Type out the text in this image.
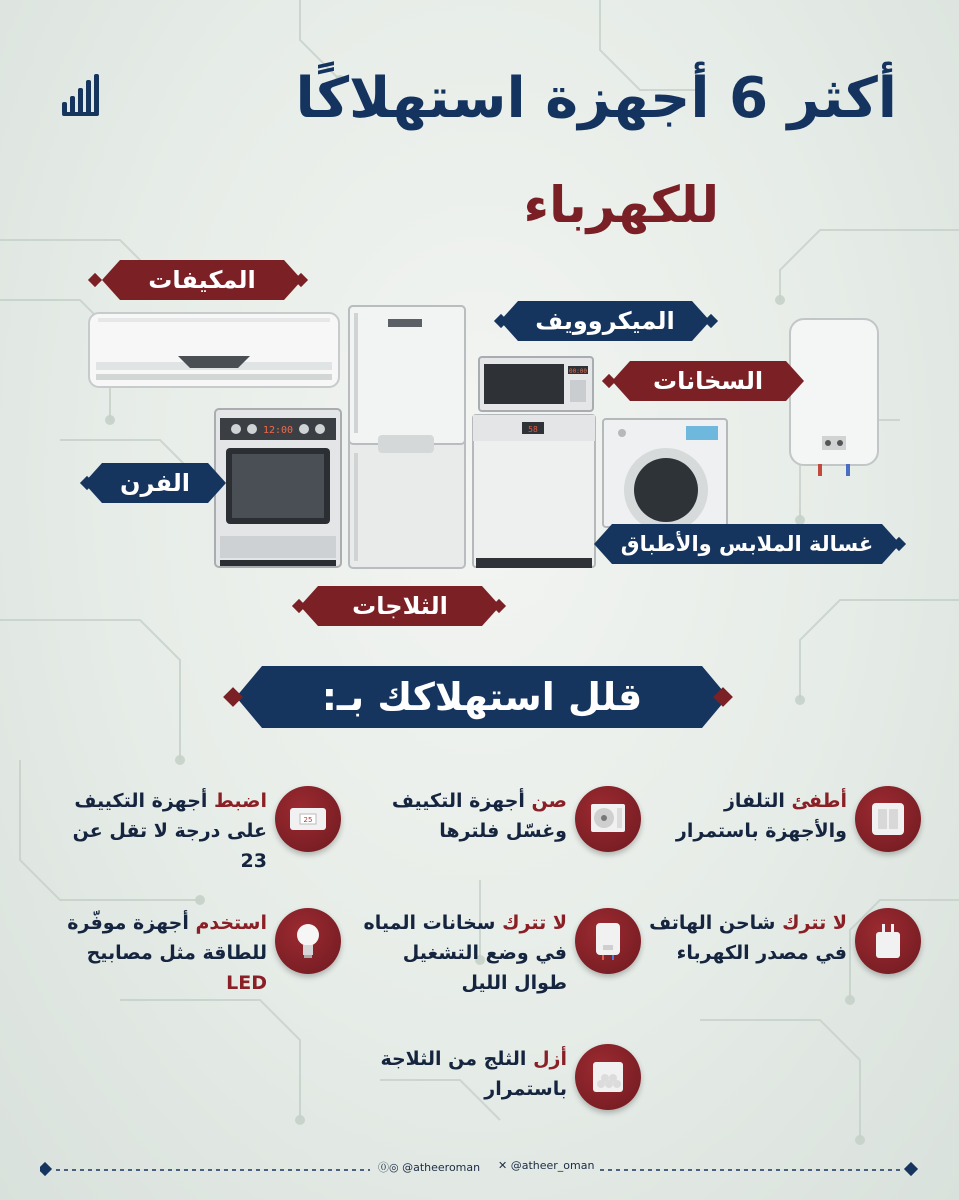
أكثر 6 أجهزة استهلاكًا
للكهرباء
12:00
00:00
58
المكيفات
الميكروويف
السخانات
الفرن
غسالة الملابس والأطباق
الثلاجات
قلل استهلاكك بـ:
أطفئ التلفاز
والأجهزة باستمرار
صن أجهزة التكييف
وغسّل فلترها
25
اضبط أجهزة التكييف
على درجة لا تقل عن
23
لا تترك شاحن الهاتف
في مصدر الكهرباء
لا تترك سخانات المياه
في وضع التشغيل
طوال الليل
استخدم أجهزة موفّرة
للطاقة مثل مصابيح
LED
أزل الثلج من الثلاجة
باستمرار
⓪◎ @atheeroman ✕ @atheer_oman
